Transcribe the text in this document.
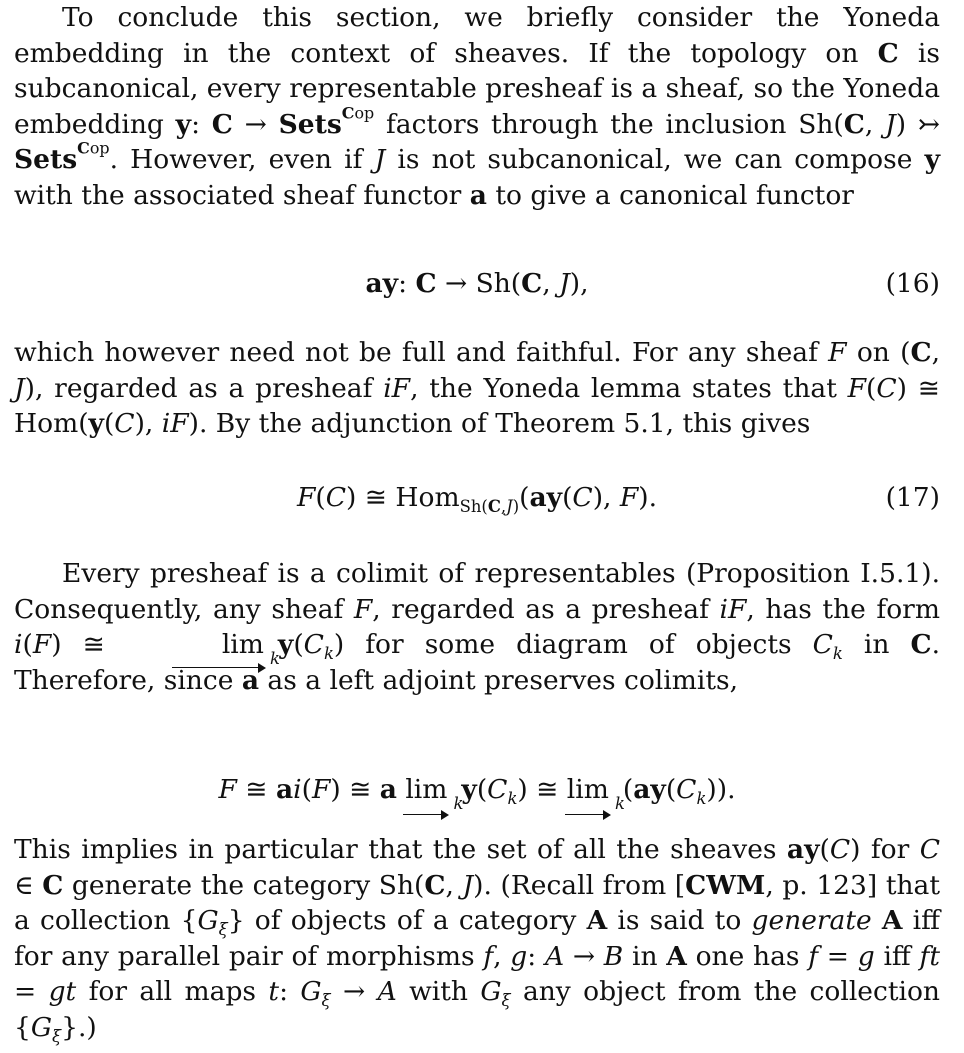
To conclude this section, we briefly consider the Yoneda embedding in the context of sheaves. If the topology on C is subcanonical, every representable presheaf is a sheaf, so the Yoneda embedding y: C → Sets$^{Cop}$ factors through the inclusion Sh(C, J) ↣ Sets$^{Cop}$. However, even if J is not subcanonical, we can compose y with the associated sheaf functor a to give a canonical functor

ay: C → Sh(C, J),	(16)

which however need not be full and faithful. For any sheaf F on (C, J), regarded as a presheaf iF, the Yoneda lemma states that F(C) ≅ Hom(y(C), iF). By the adjunction of Theorem 5.1, this gives

F(C) ≅ Hom$_{Sh(C,J)}$(ay(C), F).	(17)

Every presheaf is a colimit of representables (Proposition I.5.1). Consequently, any sheaf F, regarded as a presheaf iF, has the form i(F) ≅	lim k
$y(C_k)$ for some diagram of objects $C_k$ in C. Therefore, since a as a left adjoint preserves colimits,

F ≅ ai(F) ≅ a lim k
$y(C_k)$ ≅ lim k
$(ay(C_k))$.

This implies in particular that the set of all the sheaves ay(C) for C ∈ C generate the category Sh(C, J). (Recall from [CWM, p. 123] that a collection $\{G_\xi\}$ of objects of a category A is said to generate A iff for any parallel pair of morphisms f, g: A → B in A one has f = g iff ft = gt for all maps t: $G_\xi \to A$ with $G_\xi$ any object from the collection $\{G_\xi\}$.)
